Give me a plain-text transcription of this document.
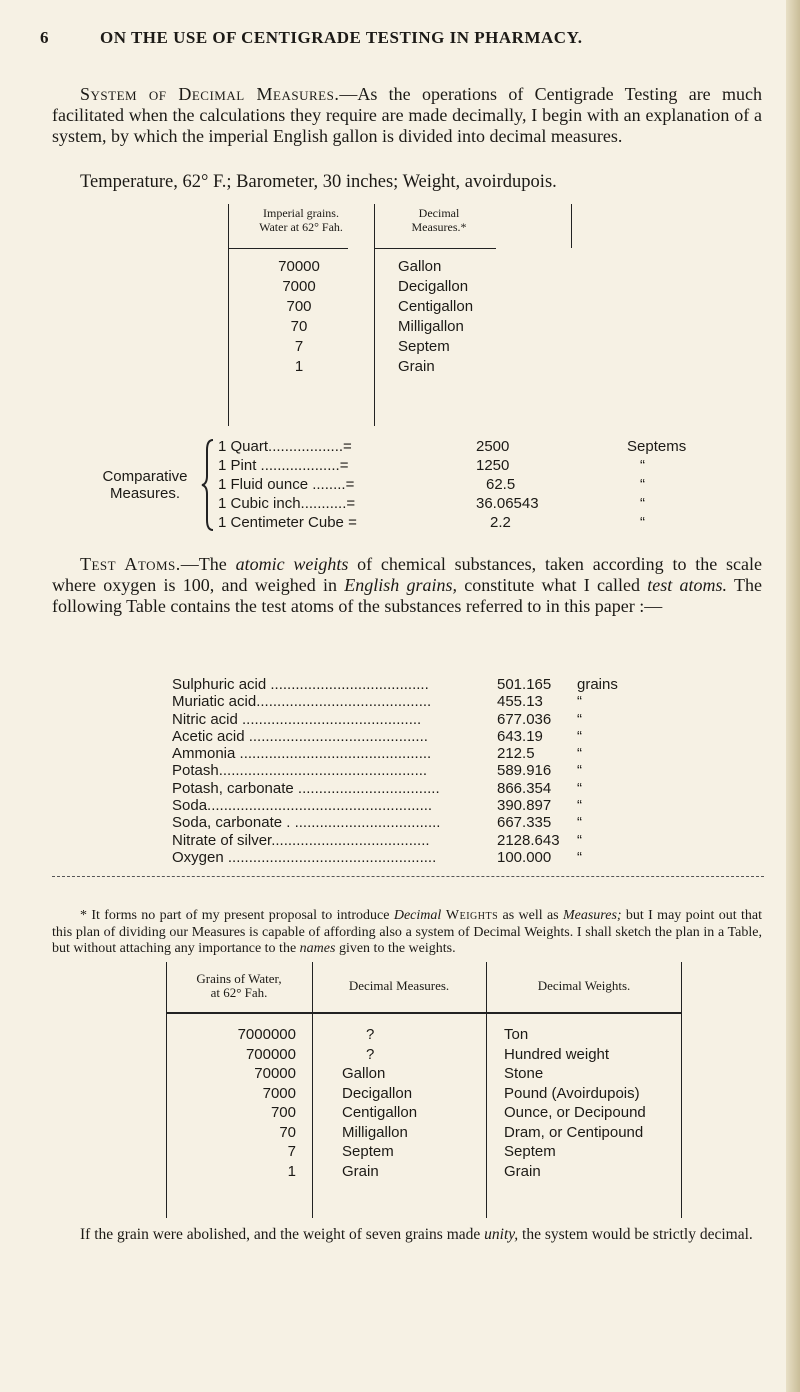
6	ON THE USE OF CENTIGRADE TESTING IN PHARMACY.
System of Decimal Measures.—As the operations of Centigrade Testing are much facilitated when the calculations they require are made decimally, I begin with an explanation of a system, by which the imperial English gallon is divided into decimal measures.
Temperature, 62° F.; Barometer, 30 inches; Weight, avoirdupois.
Imperial grains.
Water at 62° Fah.
Decimal
Measures.*
70000	Gallon
7000	Decigallon
700	Centigallon
70	Milligallon
7	Septem
1	Grain
Comparative
Measures.
1 Quart..................=	2500	Septems
1 Pint ...................=	1250	“
1 Fluid ounce ........=	62.5	“
1 Cubic inch...........=	36.06543	“
1 Centimeter Cube =	2.2	“
Test Atoms.—The atomic weights of chemical substances, taken according to the scale where oxygen is 100, and weighed in English grains, constitute what I called test atoms. The following Table contains the test atoms of the substances referred to in this paper :—
Sulphuric acid ......................................	501.165 grains
Muriatic acid..........................................	455.13 “
Nitric acid ...........................................	677.036 “
Acetic acid ...........................................	643.19 “
Ammonia ..............................................	212.5	“
Potash..................................................	589.916 “
Potash, carbonate ..................................	866.354 “
Soda......................................................	390.897 “
Soda, carbonate . ...................................	667.335 “
Nitrate of silver......................................	2128.643 “
Oxygen ..................................................	100.000 “
* It forms no part of my present proposal to introduce Decimal Weights as well as Measures; but I may point out that this plan of dividing our Measures is capable of affording also a system of Decimal Weights. I shall sketch the plan in a Table, but without attaching any importance to the names given to the weights.
Grains of Water,
at 62° Fah.	Decimal Measures.	Decimal Weights.
7000000	?	Ton
700000	?	Hundred weight
70000	Gallon	Stone
7000	Decigallon	Pound (Avoirdupois)
700	Centigallon	Ounce, or Decipound
70	Milligallon	Dram, or Centipound
7	Septem	Septem
1	Grain	Grain
If the grain were abolished, and the weight of seven grains made unity, the system would be strictly decimal.
